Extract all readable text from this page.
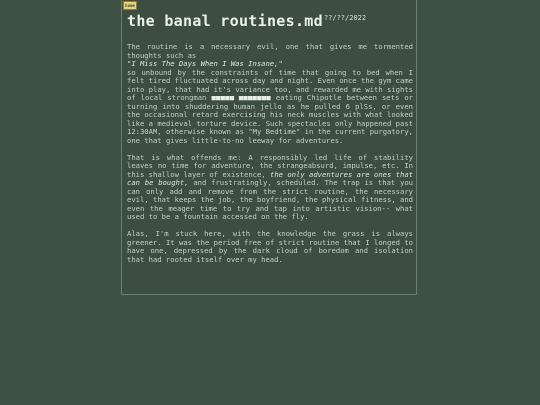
home
the banal $routines.md^{??/??/2022}$

The routine is a necessary evil, one that gives me tormented thoughts such as
"I Miss The Days When I Was Insane,"
so unbound by the constraints of time that going to bed when I felt tired fluctuated across day and night. Even once the gym came into play, that had it's variance too, and rewarded me with sights of local strongman ■■■■■ ■■■■■■■ eating Chipotle between sets or turning into shuddering human jello as he pulled 6 plSs, or even the occasional retard exercising his neck muscles with what looked like a medieval torture device. Such spectacles only happened past 12:30AM, otherwise known as "My Bedtime" in the current purgatory, one that gives little-to-no leeway for adventures.

That is what offends me: A responsibly led life of stability leaves no time for adventure, the strangeabsurd, impulse, etc. In this shallow layer of existence, the only adventures are ones that can be bought, and frustratingly, scheduled. The trap is that you can only add and remove from the strict routine, the necessary evil, that keeps the job, the boyfriend, the physical fitness, and even the meager time to try and tap into artistic vision-- what used to be a fountain accessed on the fly.

Alas, I'm stuck here, with the knowledge the grass is always greener. It was the period free of strict routine that I longed to have one, depressed by the dark cloud of boredom and isolation that had rooted itself over my head.
